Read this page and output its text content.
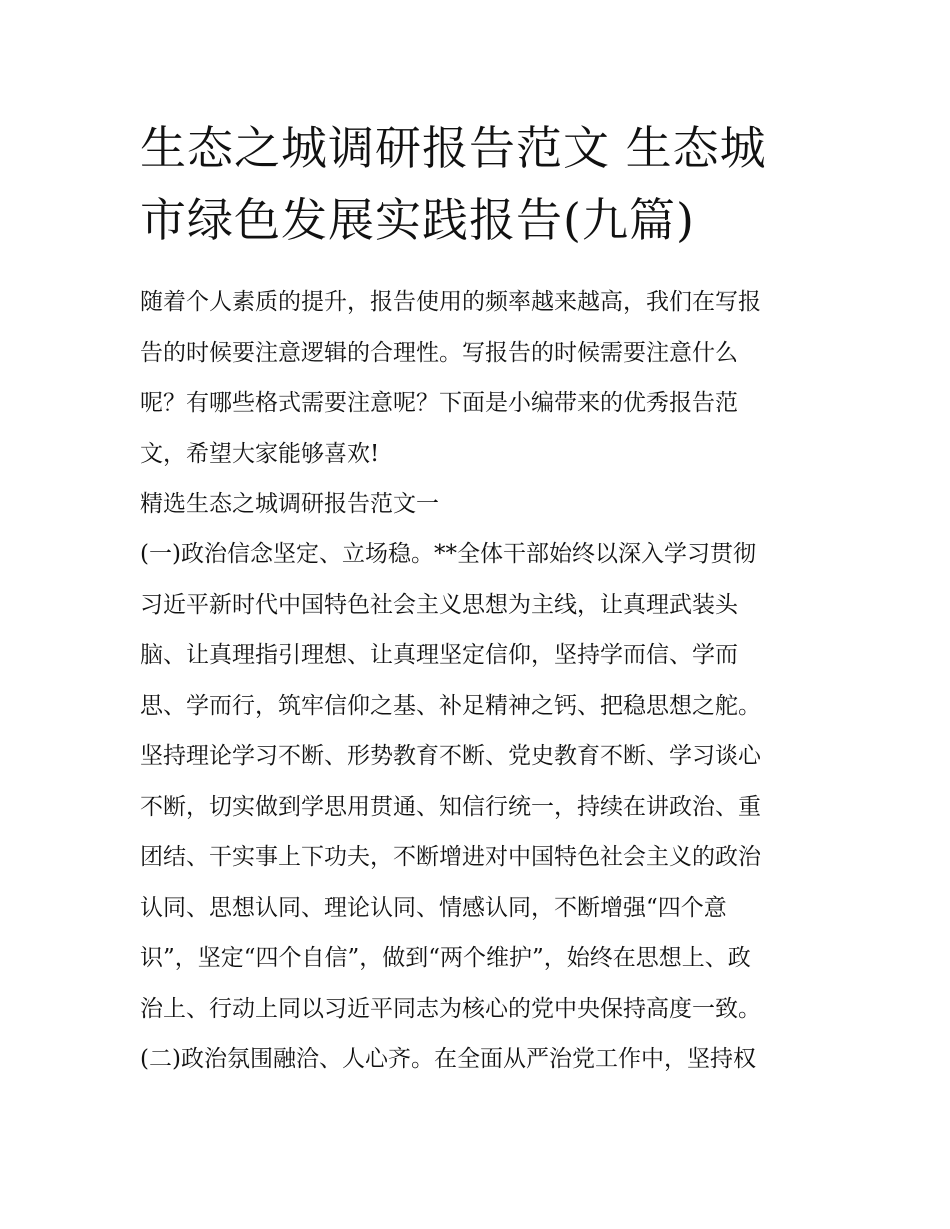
生态之城调研报告范文 生态城
市绿色发展实践报告(九篇)
随着个人素质的提升，报告使用的频率越来越高，我们在写报
告的时候要注意逻辑的合理性。写报告的时候需要注意什么
呢？有哪些格式需要注意呢？下面是小编带来的优秀报告范
文，希望大家能够喜欢!
精选生态之城调研报告范文一
(一)政治信念坚定、立场稳。**全体干部始终以深入学习贯彻
习近平新时代中国特色社会主义思想为主线，让真理武装头
脑、让真理指引理想、让真理坚定信仰，坚持学而信、学而
思、学而行，筑牢信仰之基、补足精神之钙、把稳思想之舵。
坚持理论学习不断、形势教育不断、党史教育不断、学习谈心
不断，切实做到学思用贯通、知信行统一，持续在讲政治、重
团结、干实事上下功夫，不断增进对中国特色社会主义的政治
认同、思想认同、理论认同、情感认同，不断增强“四个意
识”，坚定“四个自信”，做到“两个维护”，始终在思想上、政
治上、行动上同以习近平同志为核心的党中央保持高度一致。
(二)政治氛围融洽、人心齐。在全面从严治党工作中，坚持权
